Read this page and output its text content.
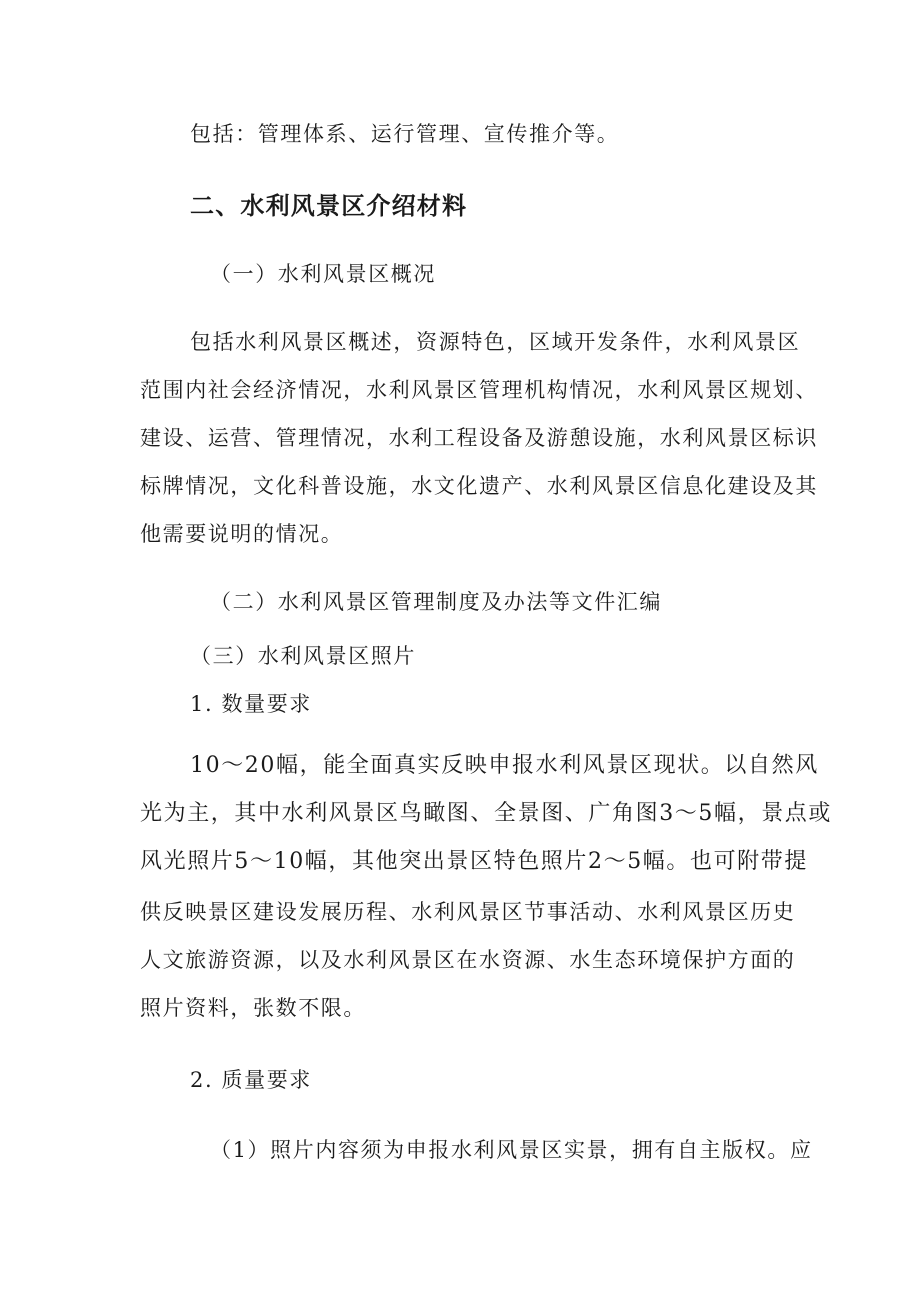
包括：管理体系、运行管理、宣传推介等。

二、水利风景区介绍材料

（一）水利风景区概况

包括水利风景区概述，资源特色，区域开发条件，水利风景区

范围内社会经济情况，水利风景区管理机构情况，水利风景区规划、

建设、运营、管理情况，水利工程设备及游憩设施，水利风景区标识

标牌情况，文化科普设施，水文化遗产、水利风景区信息化建设及其

他需要说明的情况。

（二）水利风景区管理制度及办法等文件汇编

（三）水利风景区照片

1. 数量要求

10～20幅，能全面真实反映申报水利风景区现状。以自然风

光为主，其中水利风景区鸟瞰图、全景图、广角图3～5幅，景点或

风光照片5～10幅，其他突出景区特色照片2～5幅。也可附带提

供反映景区建设发展历程、水利风景区节事活动、水利风景区历史

人文旅游资源，以及水利风景区在水资源、水生态环境保护方面的

照片资料，张数不限。

2. 质量要求

（1）照片内容须为申报水利风景区实景，拥有自主版权。应
